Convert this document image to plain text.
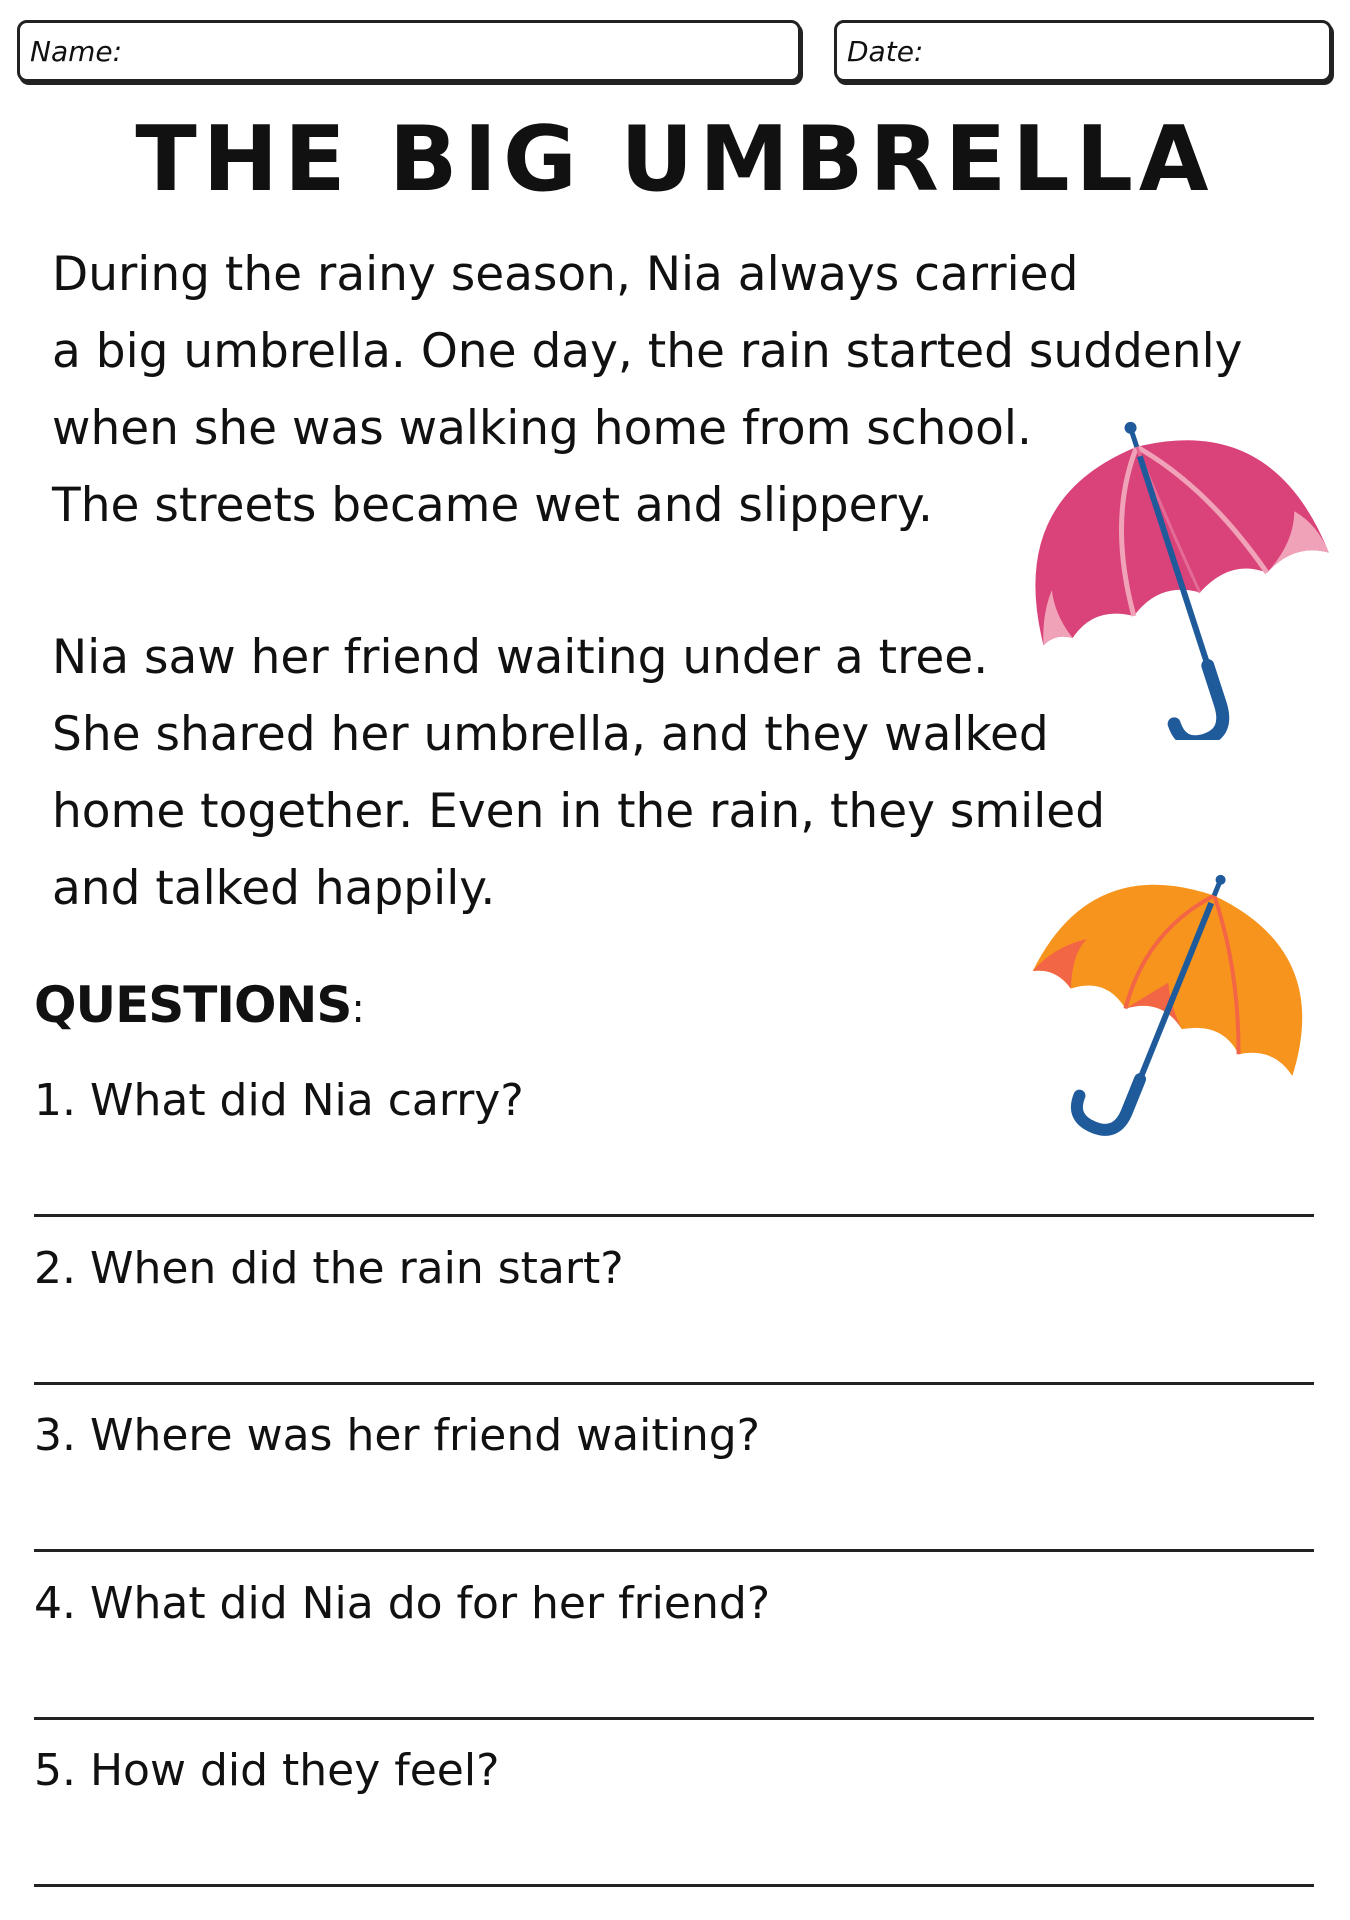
Name:	Date:
THE BIG UMBRELLA
During the rainy season, Nia always carried
a big umbrella. One day, the rain started suddenly
when she was walking home from school.
The streets became wet and slippery.
Nia saw her friend waiting under a tree.
She shared her umbrella, and they walked
home together. Even in the rain, they smiled
and talked happily.
QUESTIONS:
1. What did Nia carry?
2. When did the rain start?
3. Where was her friend waiting?
4. What did Nia do for her friend?
5. How did they feel?
